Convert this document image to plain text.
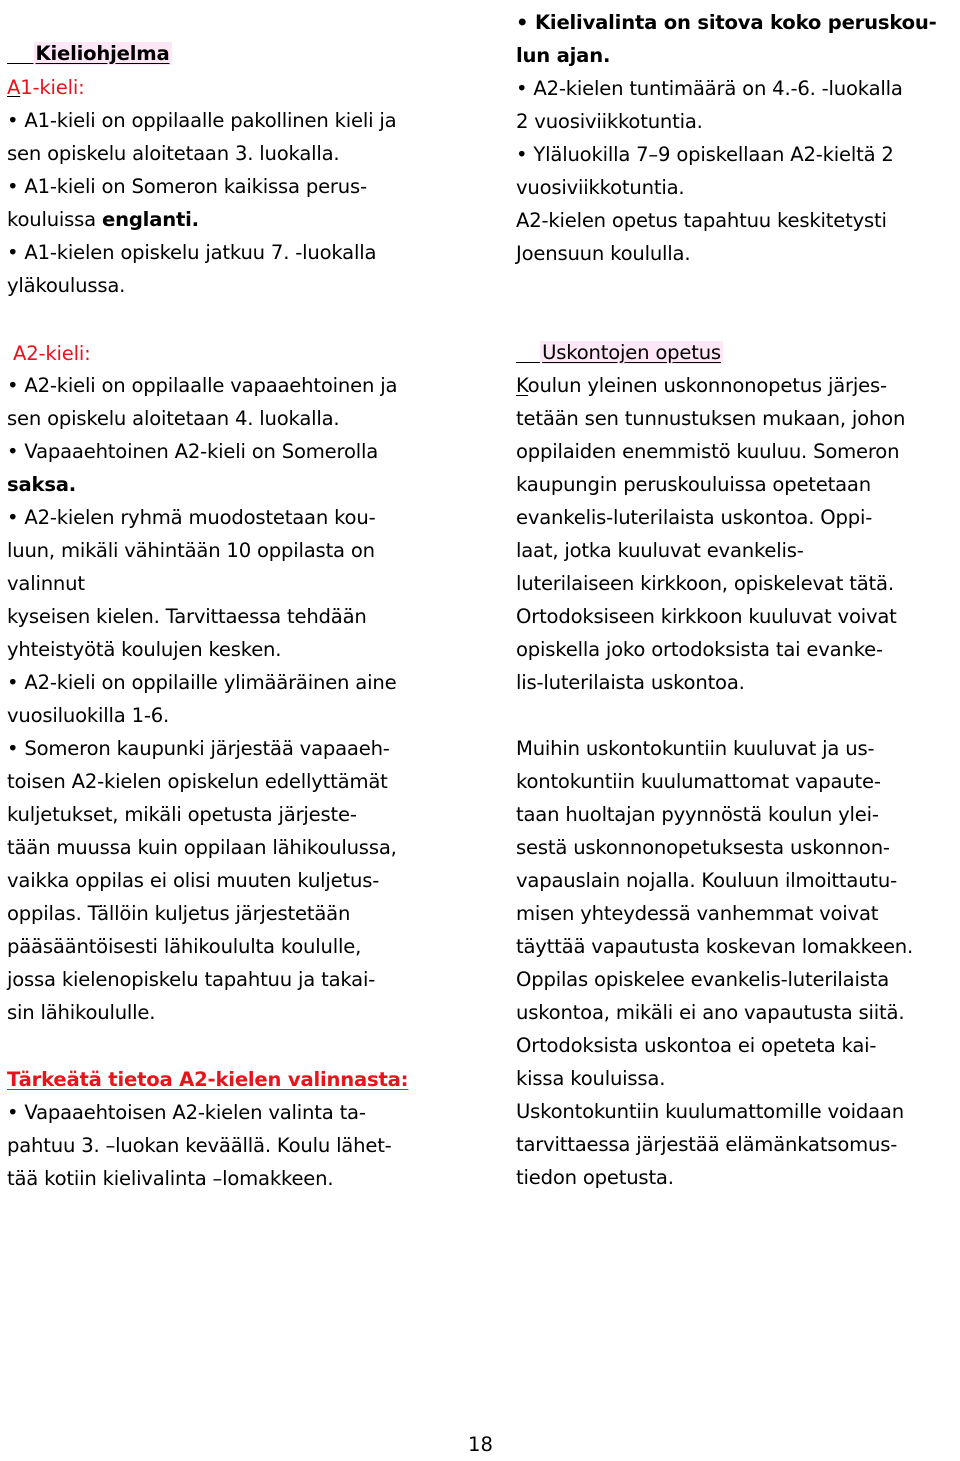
Kieliohjelma

A1-kieli:
• A1-kieli on oppilaalle pakollinen kieli ja
sen opiskelu aloitetaan 3. luokalla.
• A1-kieli on Someron kaikissa perus-
kouluissa englanti.
• A1-kielen opiskelu jatkuu 7. -luokalla
yläkoulussa.
A2-kieli:
• A2-kieli on oppilaalle vapaaehtoinen ja
sen opiskelu aloitetaan 4. luokalla.
• Vapaaehtoinen A2-kieli on Somerolla
saksa.
• A2-kielen ryhmä muodostetaan kou-
luun, mikäli vähintään 10 oppilasta on
valinnut
kyseisen kielen. Tarvittaessa tehdään
yhteistyötä koulujen kesken.
• A2-kieli on oppilaille ylimääräinen aine
vuosiluokilla 1-6.
• Someron kaupunki järjestää vapaaeh-
toisen A2-kielen opiskelun edellyttämät
kuljetukset, mikäli opetusta järjeste-
tään muussa kuin oppilaan lähikoulussa,
vaikka oppilas ei olisi muuten kuljetus-
oppilas. Tällöin kuljetus järjestetään
pääsääntöisesti lähikoululta koululle,
jossa kielenopiskelu tapahtuu ja takai-
sin lähikoululle.
Tärkeätä tietoa A2-kielen valinnasta:
• Vapaaehtoisen A2-kielen valinta ta-
pahtuu 3. –luokan keväällä. Koulu lähet-
tää kotiin kielivalinta –lomakkeen.
• Kielivalinta on sitova koko peruskou-
lun ajan.
• A2-kielen tuntimäärä on 4.-6. -luokalla
2 vuosiviikkotuntia.
• Yläluokilla 7–9 opiskellaan A2-kieltä 2
vuosiviikkotuntia.
A2-kielen opetus tapahtuu keskitetysti
Joensuun koululla.

Uskontojen opetus

Koulun yleinen uskonnonopetus järjes-
tetään sen tunnustuksen mukaan, johon
oppilaiden enemmistö kuuluu. Someron
kaupungin peruskouluissa opetetaan
evankelis-luterilaista uskontoa. Oppi-
laat, jotka kuuluvat evankelis-
luterilaiseen kirkkoon, opiskelevat tätä.
Ortodoksiseen kirkkoon kuuluvat voivat
opiskella joko ortodoksista tai evanke-
lis-luterilaista uskontoa.
Muihin uskontokuntiin kuuluvat ja us-
kontokuntiin kuulumattomat vapaute-
taan huoltajan pyynnöstä koulun ylei-
sestä uskonnonopetuksesta uskonnon-
vapauslain nojalla. Kouluun ilmoittautu-
misen yhteydessä vanhemmat voivat
täyttää vapautusta koskevan lomakkeen.
Oppilas opiskelee evankelis-luterilaista
uskontoa, mikäli ei ano vapautusta siitä.
Ortodoksista uskontoa ei opeteta kai-
kissa kouluissa.
Uskontokuntiin kuulumattomille voidaan
tarvittaessa järjestää elämänkatsomus-
tiedon opetusta.
18
